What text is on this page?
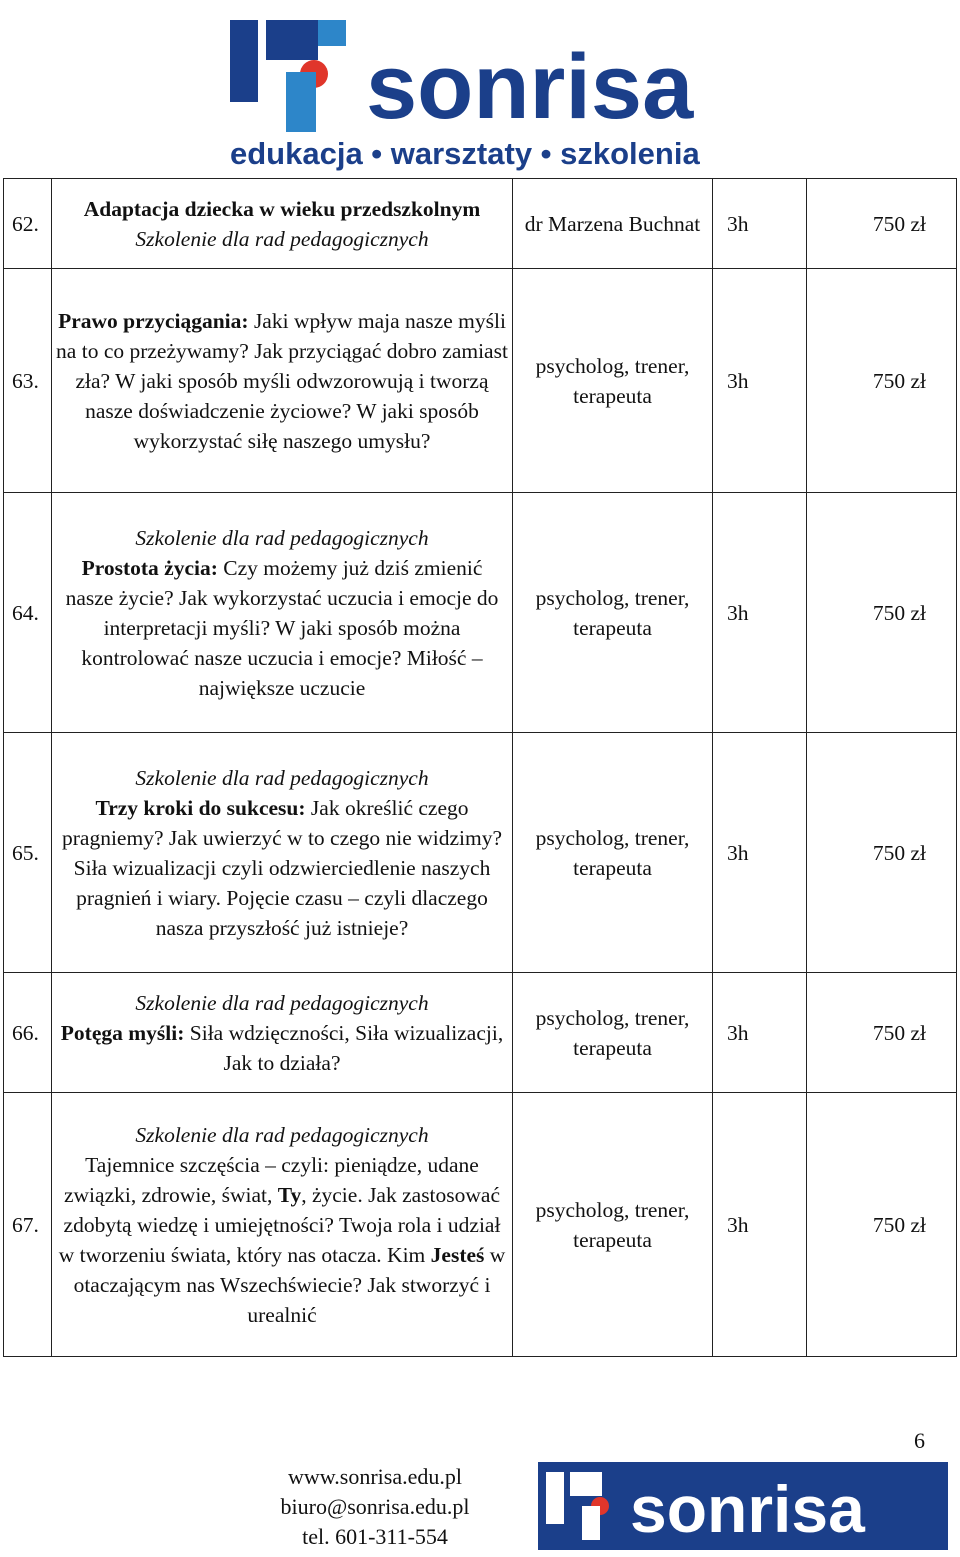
sonrisa
edukacja • warsztaty • szkolenia
62.	Adaptacja dziecka w wieku przedszkolnym
Szkolenie dla rad pedagogicznych	dr Marzena Buchnat	3h	750 zł
63.	Prawo przyciągania: Jaki wpływ maja nasze myśli na to co przeżywamy? Jak przyciągać dobro zamiast zła? W jaki sposób myśli odwzorowują i tworzą nasze doświadczenie życiowe? W jaki sposób wykorzystać siłę naszego umysłu?	psycholog, trener, terapeuta	3h	750 zł
64.	Szkolenie dla rad pedagogicznych
Prostota życia: Czy możemy już dziś zmienić nasze życie? Jak wykorzystać uczucia i emocje do interpretacji myśli? W jaki sposób można kontrolować nasze uczucia i emocje? Miłość – największe uczucie	psycholog, trener, terapeuta	3h	750 zł
65.	Szkolenie dla rad pedagogicznych
Trzy kroki do sukcesu: Jak określić czego pragniemy? Jak uwierzyć w to czego nie widzimy? Siła wizualizacji czyli odzwierciedlenie naszych pragnień i wiary. Pojęcie czasu – czyli dlaczego nasza przyszłość już istnieje?	psycholog, trener, terapeuta	3h	750 zł
66.	Szkolenie dla rad pedagogicznych
Potęga myśli: Siła wdzięczności, Siła wizualizacji, Jak to działa?	psycholog, trener, terapeuta	3h	750 zł
67.	Szkolenie dla rad pedagogicznych
Tajemnice szczęścia – czyli: pieniądze, udane związki, zdrowie, świat, Ty, życie. Jak zastosować zdobytą wiedzę i umiejętności? Twoja rola i udział w tworzeniu świata, który nas otacza. Kim Jesteś w otaczającym nas Wszechświecie? Jak stworzyć i urealnić	psycholog, trener, terapeuta	3h	750 zł
6
www.sonrisa.edu.pl
biuro@sonrisa.edu.pl
tel. 601-311-554	sonrisa
